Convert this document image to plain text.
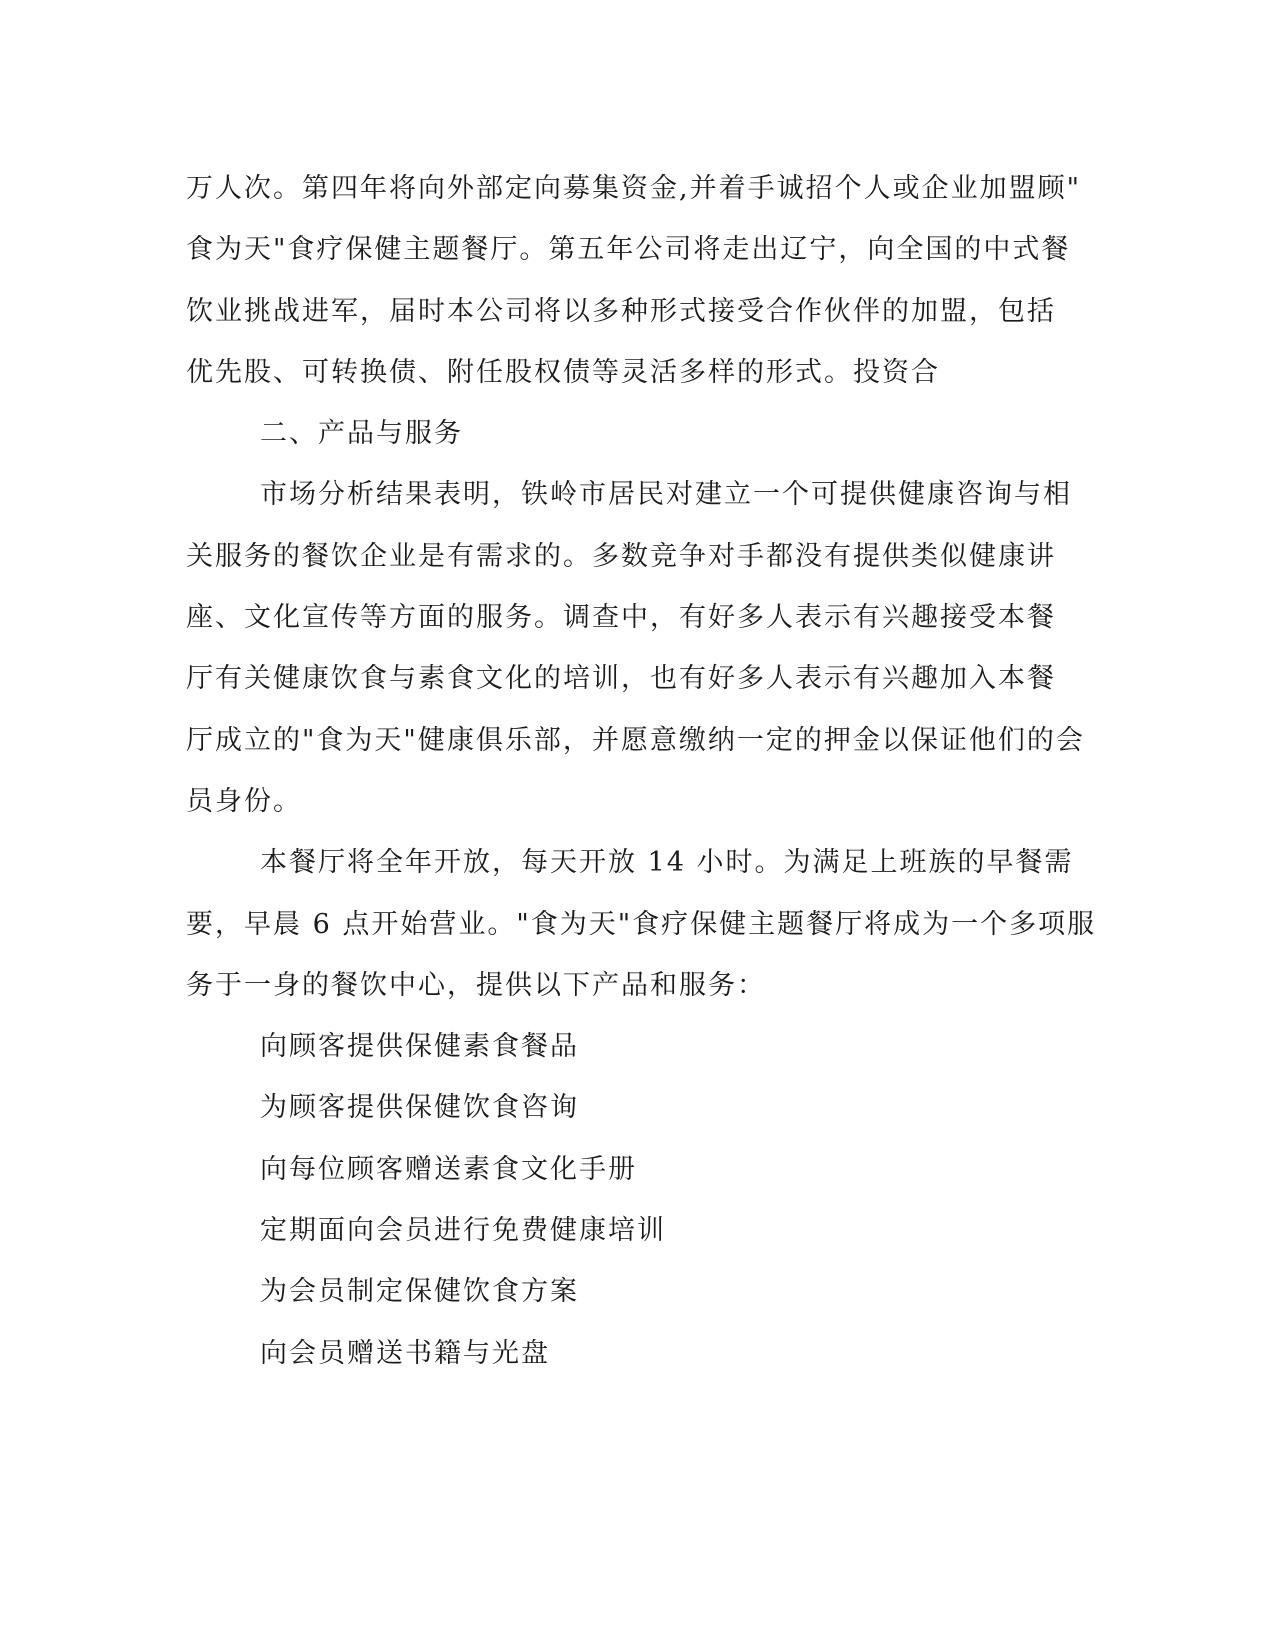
万人次。第四年将向外部定向募集资金,并着手诚招个人或企业加盟顾"
食为天"食疗保健主题餐厅。第五年公司将走出辽宁，向全国的中式餐
饮业挑战进军，届时本公司将以多种形式接受合作伙伴的加盟，包括
优先股、可转换债、附任股权债等灵活多样的形式。投资合
二、产品与服务
市场分析结果表明，铁岭市居民对建立一个可提供健康咨询与相
关服务的餐饮企业是有需求的。多数竞争对手都没有提供类似健康讲
座、文化宣传等方面的服务。调查中，有好多人表示有兴趣接受本餐
厅有关健康饮食与素食文化的培训，也有好多人表示有兴趣加入本餐
厅成立的"食为天"健康俱乐部，并愿意缴纳一定的押金以保证他们的会
员身份。
本餐厅将全年开放，每天开放 14 小时。为满足上班族的早餐需
要，早晨 6 点开始营业。"食为天"食疗保健主题餐厅将成为一个多项服
务于一身的餐饮中心，提供以下产品和服务：
向顾客提供保健素食餐品
为顾客提供保健饮食咨询
向每位顾客赠送素食文化手册
定期面向会员进行免费健康培训
为会员制定保健饮食方案
向会员赠送书籍与光盘
